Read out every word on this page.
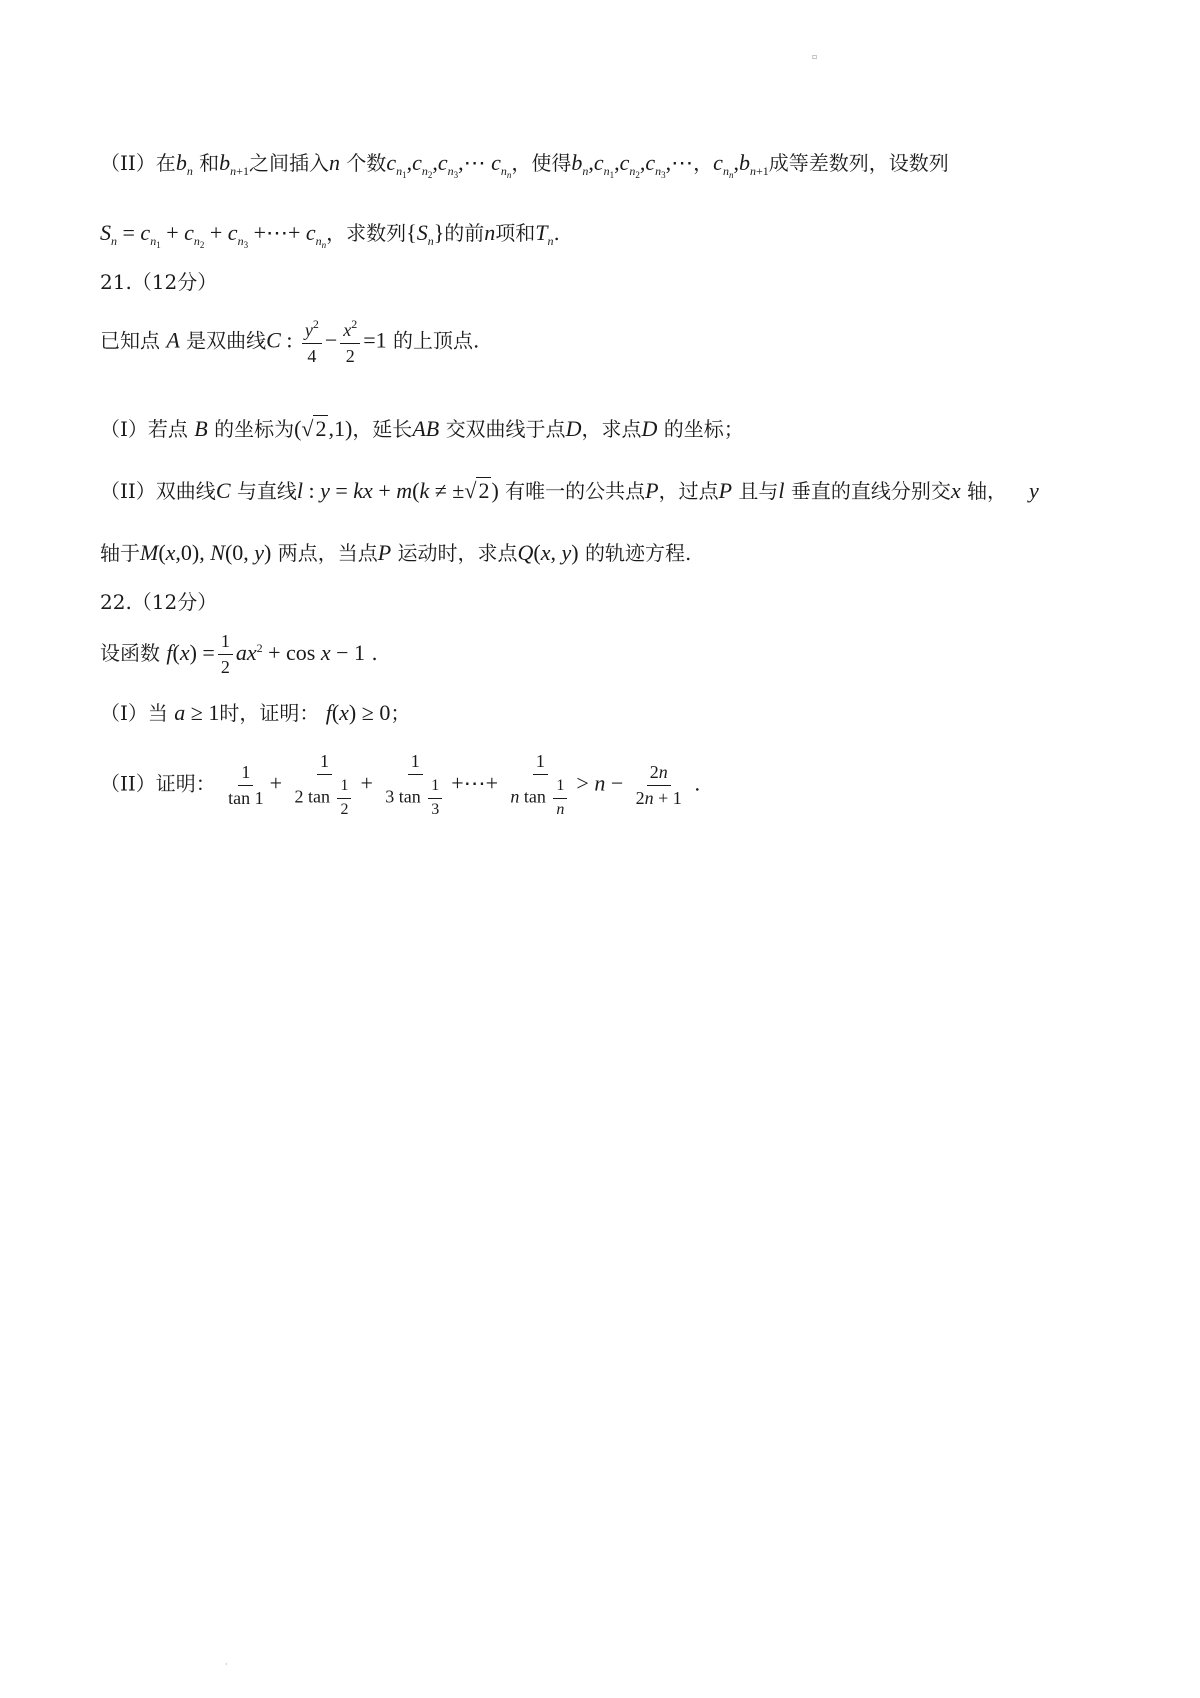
▫
（II）在$b_n$ 和$b_{n+1}$之间插入n 个数$c_{n_1},c_{n_2},c_{n_3},\cdots$ $c_{n_n}$，使得$b_n,c_{n_1},c_{n_2},c_{n_3},\cdots$，$c_{n_n},b_{n+1}$成等差数列，设数列
$S_n = c_{n_1} + c_{n_2} + c_{n_3}$ +⋯+ $c_{n_n}$，求数列$\{S_n\}$的前n项和$T_n$.
21.（12分）
已知点 A 是双曲线C : $\frac{y^2}{4} - \frac{x^2}{2} =1$ 的上顶点.
（I）若点 B 的坐标为(√2,1)，延长AB 交双曲线于点D，求点D 的坐标；
（II）双曲线C 与直线l : y = kx + m(k ≠ ±√2) 有唯一的公共点P，过点P 且与l 垂直的直线分别交x 轴， y
轴于M(x,0), N(0, y) 两点，当点P 运动时，求点Q(x, y) 的轨迹方程.
22.（12分）
设函数 $f(x) = \frac{1}{2} ax^2 + \cos x - 1$ .
（I）当 a ≥ 1时，证明： f(x) ≥ 0；
（II）证明： $\frac{1}{\tan 1} + \frac{1}{2 \tan \frac{1}{2}} + \frac{1}{3 \tan \frac{1}{3}}$ +⋯+ $\frac{1}{n \tan \frac{1}{n}} > n - \frac{2n}{2n + 1}$ .
·
